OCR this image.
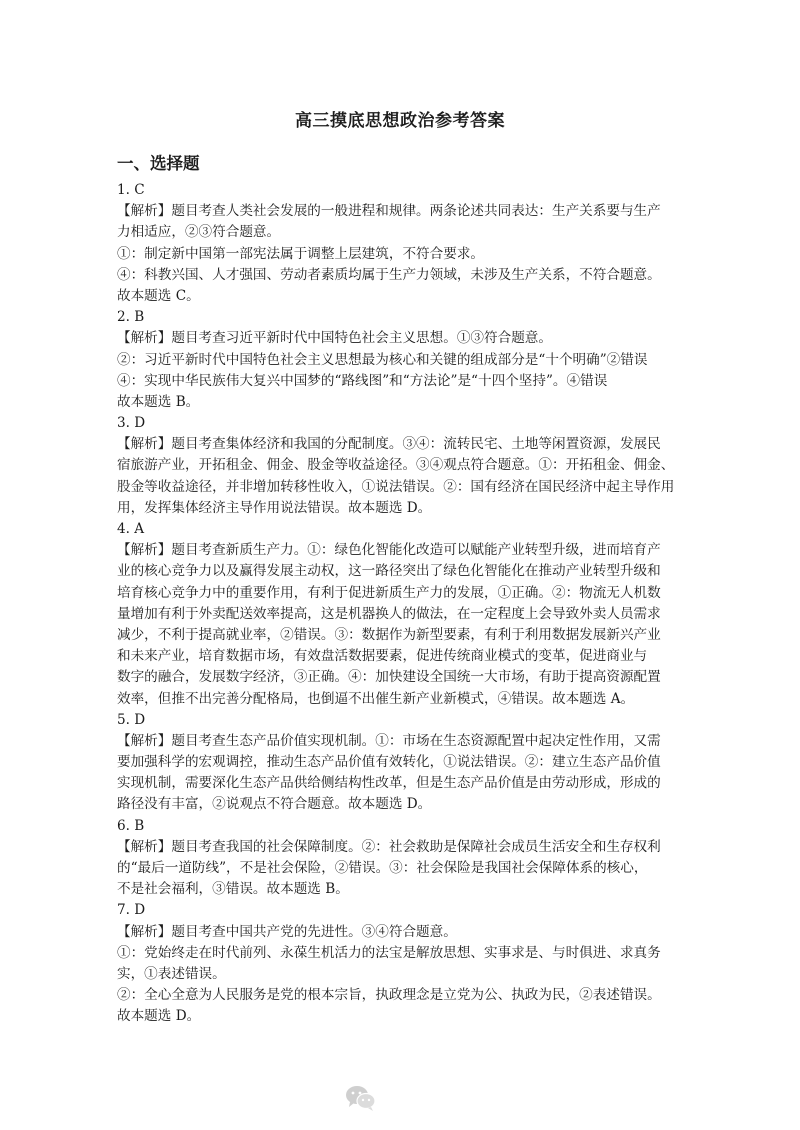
高三摸底思想政治参考答案
一、选择题
1. C
【解析】题目考查人类社会发展的一般进程和规律。两条论述共同表达：生产关系要与生产
力相适应，②③符合题意。
①：制定新中国第一部宪法属于调整上层建筑，不符合要求。
④：科教兴国、人才强国、劳动者素质均属于生产力领域，未涉及生产关系，不符合题意。
故本题选 C。
2. B
【解析】题目考查习近平新时代中国特色社会主义思想。①③符合题意。
②：习近平新时代中国特色社会主义思想最为核心和关键的组成部分是“十个明确”②错误
④：实现中华民族伟大复兴中国梦的“路线图”和“方法论”是“十四个坚持”。④错误
故本题选 B。
3. D
【解析】题目考查集体经济和我国的分配制度。③④：流转民宅、土地等闲置资源，发展民
宿旅游产业，开拓租金、佣金、股金等收益途径。③④观点符合题意。①：开拓租金、佣金、
股金等收益途径，并非增加转移性收入，①说法错误。②：国有经济在国民经济中起主导作用
用，发挥集体经济主导作用说法错误。故本题选 D。
4. A
【解析】题目考查新质生产力。①：绿色化智能化改造可以赋能产业转型升级，进而培育产
业的核心竞争力以及赢得发展主动权，这一路径突出了绿色化智能化在推动产业转型升级和
培育核心竞争力中的重要作用，有利于促进新质生产力的发展，①正确。②：物流无人机数
量增加有利于外卖配送效率提高，这是机器换人的做法，在一定程度上会导致外卖人员需求
减少，不利于提高就业率，②错误。③：数据作为新型要素，有利于利用数据发展新兴产业
和未来产业，培育数据市场，有效盘活数据要素，促进传统商业模式的变革，促进商业与
数字的融合，发展数字经济，③正确。④：加快建设全国统一大市场，有助于提高资源配置
效率，但推不出完善分配格局，也倒逼不出催生新产业新模式，④错误。故本题选 A。
5. D
【解析】题目考查生态产品价值实现机制。①：市场在生态资源配置中起决定性作用，又需
要加强科学的宏观调控，推动生态产品价值有效转化，①说法错误。②：建立生态产品价值
实现机制，需要深化生态产品供给侧结构性改革，但是生态产品价值是由劳动形成，形成的
路径没有丰富，②说观点不符合题意。故本题选 D。
6. B
【解析】题目考查我国的社会保障制度。②：社会救助是保障社会成员生活安全和生存权利
的“最后一道防线”，不是社会保险，②错误。③：社会保险是我国社会保障体系的核心，
不是社会福利，③错误。故本题选 B。
7. D
【解析】题目考查中国共产党的先进性。③④符合题意。
①：党始终走在时代前列、永葆生机活力的法宝是解放思想、实事求是、与时俱进、求真务
实，①表述错误。
②：全心全意为人民服务是党的根本宗旨，执政理念是立党为公、执政为民，②表述错误。
故本题选 D。
